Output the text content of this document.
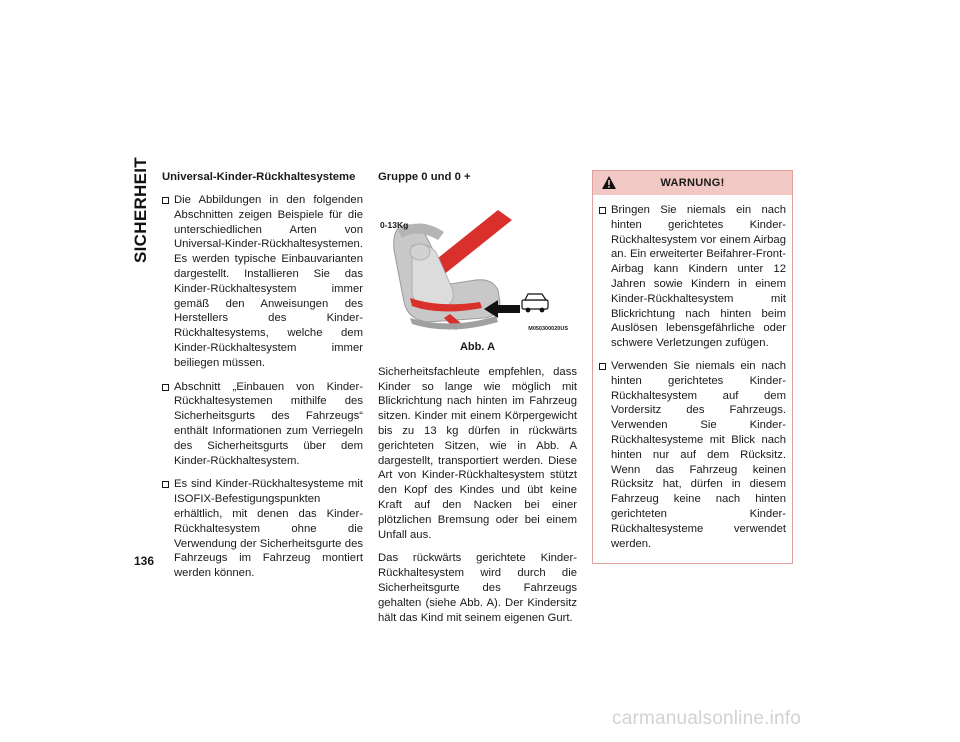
SICHERHEIT
136
Universal-Kinder-Rückhaltesysteme
Die Abbildungen in den folgenden Abschnitten zeigen Beispiele für die unterschiedlichen Arten von Universal-Kinder-Rückhaltesystemen. Es werden typische Einbauvarianten dargestellt. Installieren Sie das Kinder-Rückhaltesystem immer gemäß den Anweisungen des Herstellers des Kinder-Rückhaltesystems, welche dem Kinder-Rückhaltesystem immer beiliegen müssen.
Abschnitt „Einbauen von Kinder-Rückhaltesystemen mithilfe des Sicherheitsgurts des Fahrzeugs“ enthält Informationen zum Verriegeln des Sicherheitsgurts über dem Kinder-Rückhaltesystem.
Es sind Kinder-Rückhaltesysteme mit ISOFIX-Befestigungspunkten erhältlich, mit denen das Kinder-Rückhaltesystem ohne die Verwendung der Sicherheitsgurte des Fahrzeugs im Fahrzeug montiert werden können.
Gruppe 0 und 0 +
0-13Kg
M050300020US
Abb. A

Sicherheitsfachleute empfehlen, dass Kinder so lange wie möglich mit Blickrichtung nach hinten im Fahrzeug sitzen. Kinder mit einem Körpergewicht bis zu 13 kg dürfen in rückwärts gerichteten Sitzen, wie in Abb. A dargestellt, transportiert werden. Diese Art von Kinder-Rückhaltesystem stützt den Kopf des Kindes und übt keine Kraft auf den Nacken bei einer plötzlichen Bremsung oder bei einem Unfall aus.

Das rückwärts gerichtete Kinder-Rückhaltesystem wird durch die Sicherheitsgurte des Fahrzeugs gehalten (siehe Abb. A). Der Kindersitz hält das Kind mit seinem eigenen Gurt.

WARNUNG!
Bringen Sie niemals ein nach hinten gerichtetes Kinder-Rückhaltesystem vor einem Airbag an. Ein erweiterter Beifahrer-Front-Airbag kann Kindern unter 12 Jahren sowie Kindern in einem Kinder-Rückhaltesystem mit Blickrichtung nach hinten beim Auslösen lebensgefährliche oder schwere Verletzungen zufügen.
Verwenden Sie niemals ein nach hinten gerichtetes Kinder-Rückhaltesystem auf dem Vordersitz des Fahrzeugs. Verwenden Sie Kinder-Rückhaltesysteme mit Blick nach hinten nur auf dem Rücksitz. Wenn das Fahrzeug keinen Rücksitz hat, dürfen in diesem Fahrzeug keine nach hinten gerichteten Kinder-Rückhaltesysteme verwendet werden.
carmanualsonline.info
